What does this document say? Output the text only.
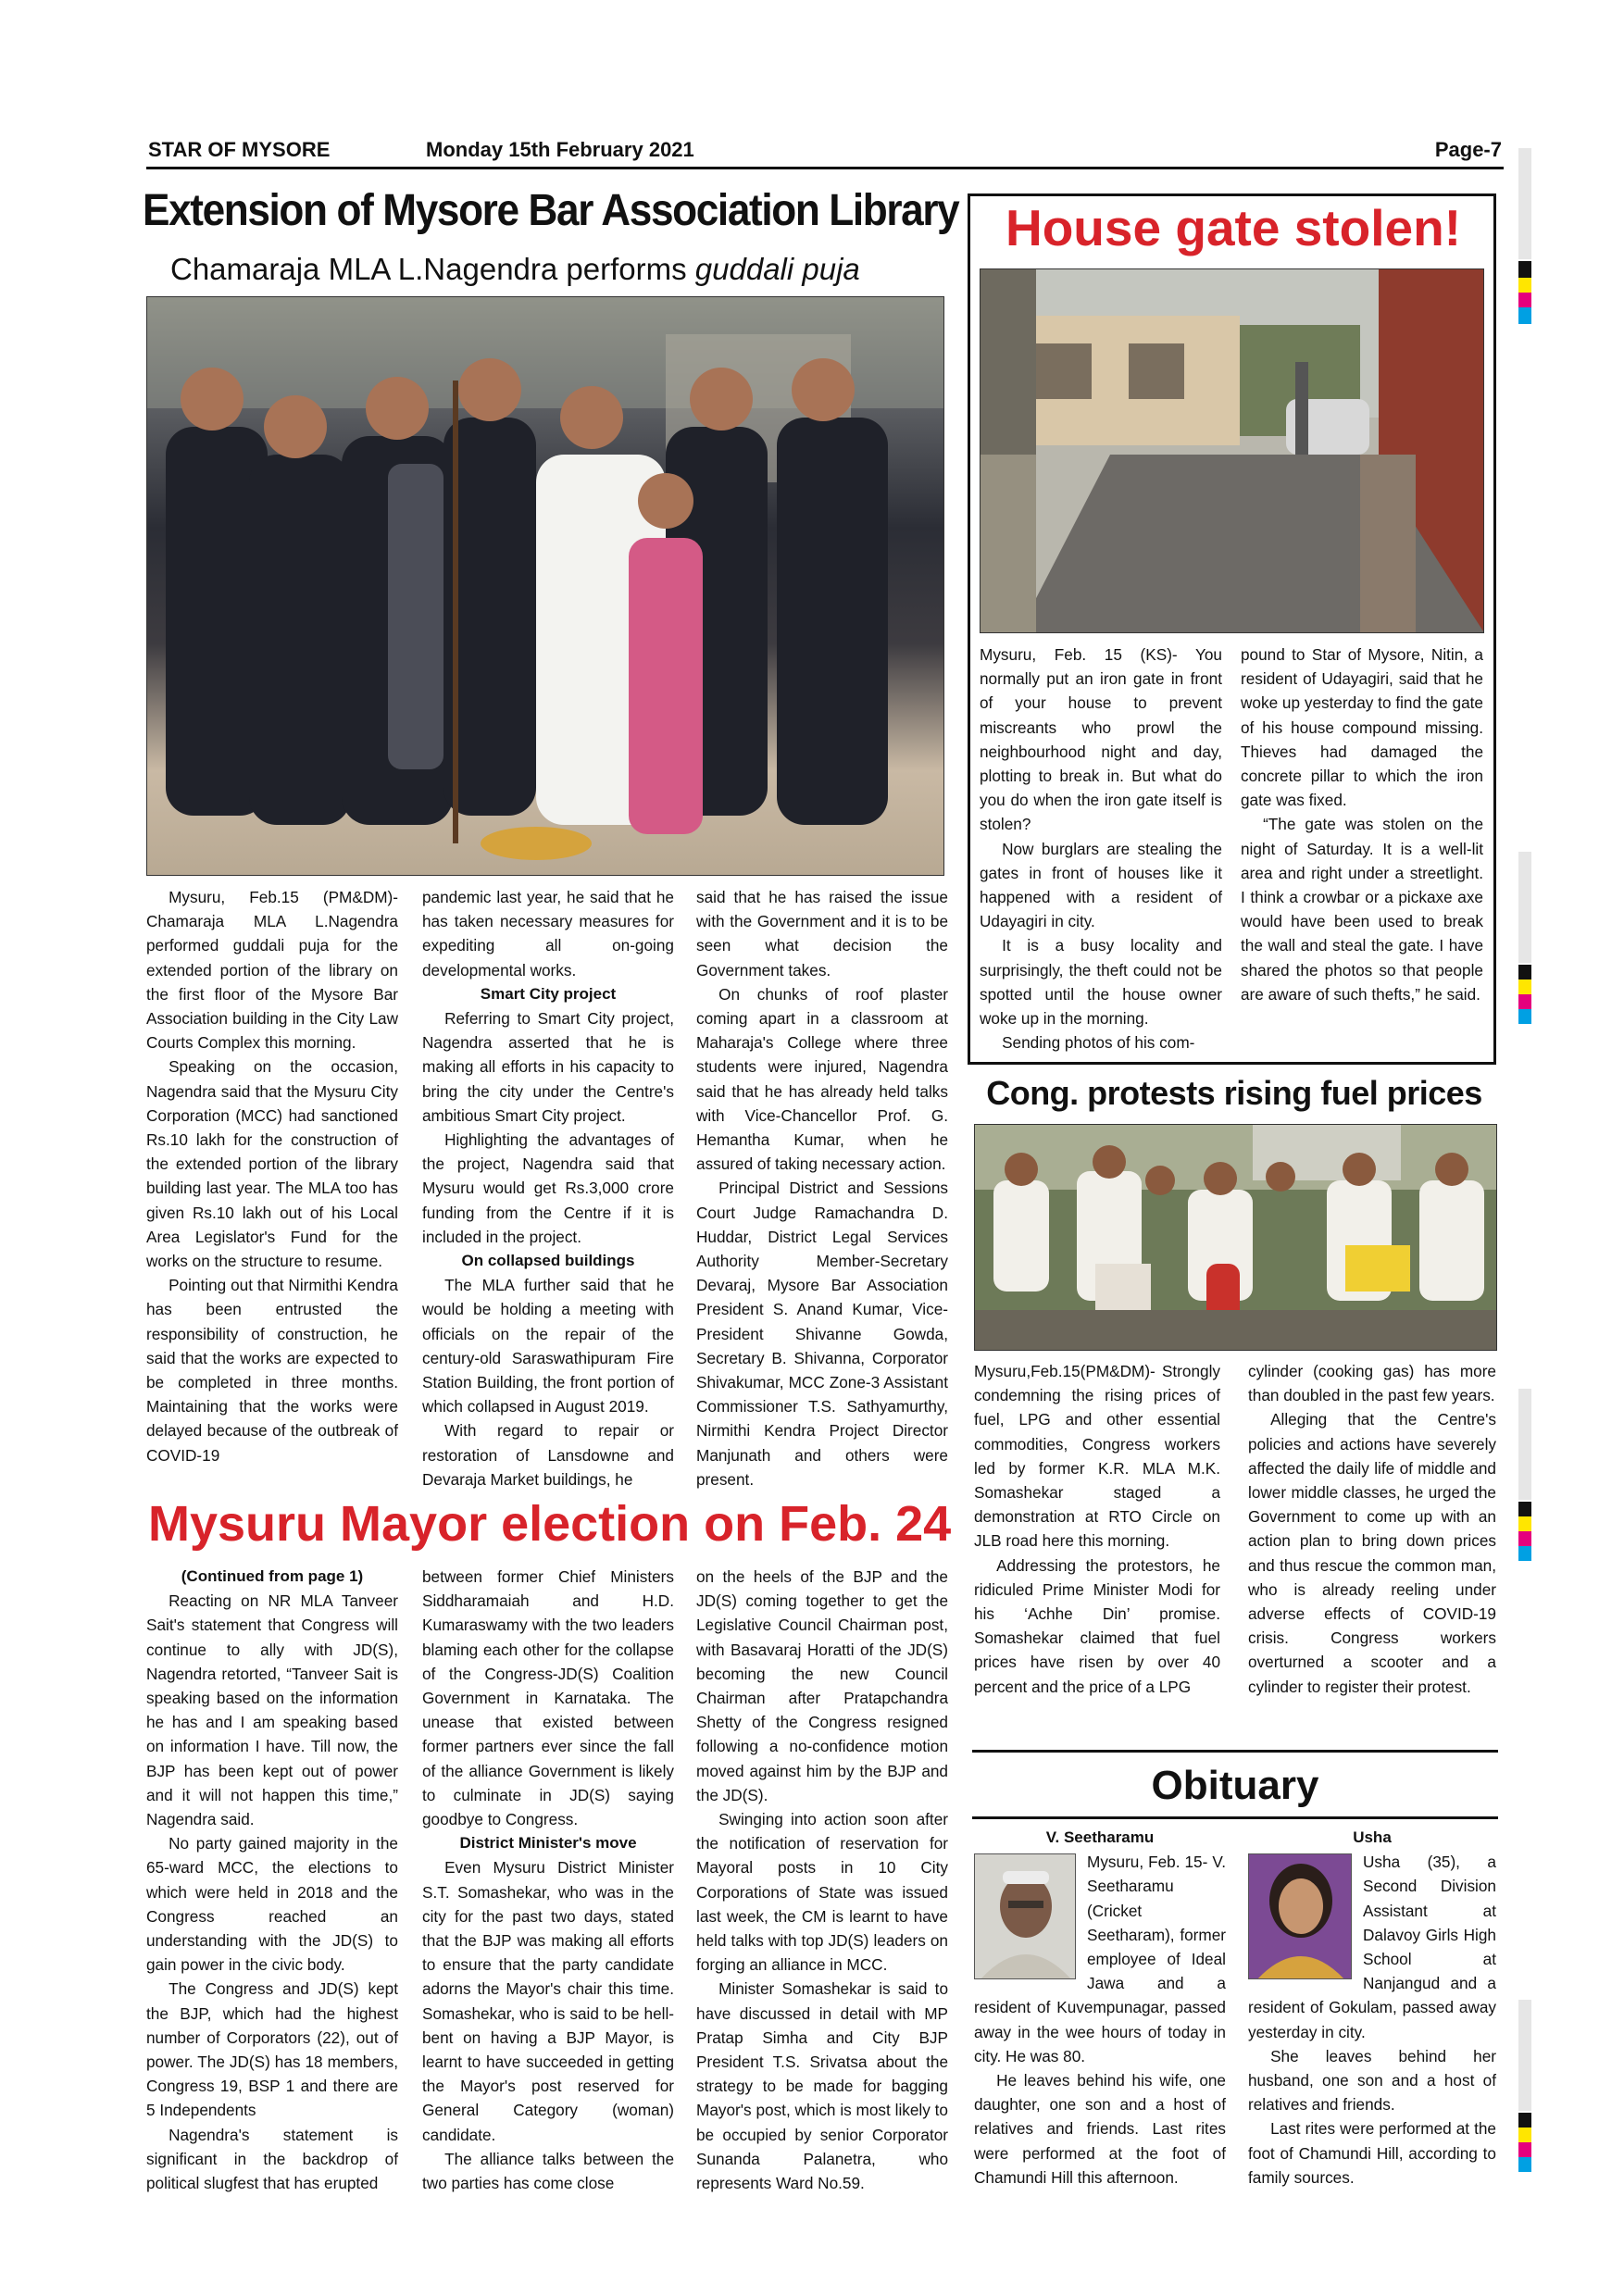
STAR OF MYSORE	Monday 15th February 2021	Page-7
Extension of Mysore Bar Association Library
Chamaraja MLA L.Nagendra performs guddali puja

Mysuru, Feb.15 (PM&DM)- Chamaraja MLA L.Nagendra performed guddali puja for the extended portion of the library on the first floor of the Mysore Bar Association building in the City Law Courts Complex this morning.

Speaking on the occasion, Nagendra said that the Mysuru City Corporation (MCC) had sanctioned Rs.10 lakh for the construction of the extended portion of the library building last year. The MLA too has given Rs.10 lakh out of his Local Area Legislator's Fund for the works on the structure to resume.

Pointing out that Nirmithi Kendra has been entrusted the responsibility of construction, he said that the works are expected to be completed in three months. Maintaining that the works were delayed because of the outbreak of COVID-19

pandemic last year, he said that he has taken necessary measures for expediting all on-going developmental works.

Smart City project

Referring to Smart City project, Nagendra asserted that he is making all efforts in his capacity to bring the city under the Centre's ambitious Smart City project.

Highlighting the advantages of the project, Nagendra said that Mysuru would get Rs.3,000 crore funding from the Centre if it is included in the project.

On collapsed buildings

The MLA further said that he would be holding a meeting with officials on the repair of the century-old Saraswathipuram Fire Station Building, the front portion of which collapsed in August 2019.

With regard to repair or restoration of Lansdowne and Devaraja Market buildings, he

said that he has raised the issue with the Government and it is to be seen what decision the Government takes.

On chunks of roof plaster coming apart in a classroom at Maharaja's College where three students were injured, Nagendra said that he has already held talks with Vice-Chancellor Prof. G. Hemantha Kumar, when he assured of taking necessary action.

Principal District and Sessions Court Judge Ramachandra D. Huddar, District Legal Services Authority Member-Secretary Devaraj, Mysore Bar Association President S. Anand Kumar, Vice-President Shivanne Gowda, Secretary B. Shivanna, Corporator Shivakumar, MCC Zone-3 Assistant Commissioner T.S. Sathyamurthy, Nirmithi Kendra Project Director Manjunath and others were present.

House gate stolen!

Mysuru, Feb. 15 (KS)- You normally put an iron gate in front of your house to prevent miscreants who prowl the neighbourhood night and day, plotting to break in. But what do you do when the iron gate itself is stolen?

Now burglars are stealing the gates in front of houses like it happened with a resident of Udayagiri in city.

It is a busy locality and surprisingly, the theft could not be spotted until the house owner woke up in the morning.

Sending photos of his com-

pound to Star of Mysore, Nitin, a resident of Udayagiri, said that he woke up yesterday to find the gate of his house compound missing. Thieves had damaged the concrete pillar to which the iron gate was fixed.

“The gate was stolen on the night of Saturday. It is a well-lit area and right under a streetlight. I think a crowbar or a pickaxe axe would have been used to break the wall and steal the gate. I have shared the photos so that people are aware of such thefts,” he said.

Cong. protests rising fuel prices

Mysuru,Feb.15(PM&DM)- Strongly condemning the rising prices of fuel, LPG and other essential commodities, Congress workers led by former K.R. MLA M.K. Somashekar staged a demonstration at RTO Circle on JLB road here this morning.

Addressing the protestors, he ridiculed Prime Minister Modi for his ‘Achhe Din’ promise. Somashekar claimed that fuel prices have risen by over 40 percent and the price of a LPG

cylinder (cooking gas) has more than doubled in the past few years.

Alleging that the Centre's policies and actions have severely affected the daily life of middle and lower middle classes, he urged the Government to come up with an action plan to bring down prices and thus rescue the common man, who is already reeling under adverse effects of COVID-19 crisis. Congress workers overturned a scooter and a cylinder to register their protest.

Mysuru Mayor election on Feb. 24
(Continued from page 1)

Reacting on NR MLA Tanveer Sait's statement that Congress will continue to ally with JD(S), Nagendra retorted, “Tanveer Sait is speaking based on the information he has and I am speaking based on information I have. Till now, the BJP has been kept out of power and it will not happen this time,” Nagendra said.

No party gained majority in the 65-ward MCC, the elections to which were held in 2018 and the Congress reached an understanding with the JD(S) to gain power in the civic body.

The Congress and JD(S) kept the BJP, which had the highest number of Corporators (22), out of power. The JD(S) has 18 members, Congress 19, BSP 1 and there are 5 Independents

Nagendra's statement is significant in the backdrop of political slugfest that has erupted

between former Chief Ministers Siddharamaiah and H.D. Kumaraswamy with the two leaders blaming each other for the collapse of the Congress-JD(S) Coalition Government in Karnataka. The unease that existed between former partners ever since the fall of the alliance Government is likely to culminate in JD(S) saying goodbye to Congress.

District Minister's move

Even Mysuru District Minister S.T. Somashekar, who was in the city for the past two days, stated that the BJP was making all efforts to ensure that the party candidate adorns the Mayor's chair this time. Somashekar, who is said to be hell-bent on having a BJP Mayor, is learnt to have succeeded in getting the Mayor's post reserved for General Category (woman) candidate.

The alliance talks between the two parties has come close

on the heels of the BJP and the JD(S) coming together to get the Legislative Council Chairman post, with Basavaraj Horatti of the JD(S) becoming the new Council Chairman after Pratapchandra Shetty of the Congress resigned following a no-confidence motion moved against him by the BJP and the JD(S).

Swinging into action soon after the notification of reservation for Mayoral posts in 10 City Corporations of State was issued last week, the CM is learnt to have held talks with top JD(S) leaders on forging an alliance in MCC.

Minister Somashekar is said to have discussed in detail with MP Pratap Simha and City BJP President T.S. Srivatsa about the strategy to be made for bagging Mayor's post, which is most likely to be occupied by senior Corporator Sunanda Palanetra, who represents Ward No.59.

Obituary
V. Seetharamu

Mysuru, Feb. 15- V. Seetharamu (Cricket Seetharam), former employee of Ideal Jawa and a resident of Kuvempunagar, passed away in the wee hours of today in city. He was 80.

He leaves behind his wife, one daughter, one son and a host of relatives and friends. Last rites were performed at the foot of Chamundi Hill this afternoon.

Usha

Usha (35), a Second Division Assistant at Dalavoy Girls High School at Nanjangud and a resident of Gokulam, passed away yesterday in city.

She leaves behind her husband, one son and a host of relatives and friends.

Last rites were performed at the foot of Chamundi Hill, according to family sources.
